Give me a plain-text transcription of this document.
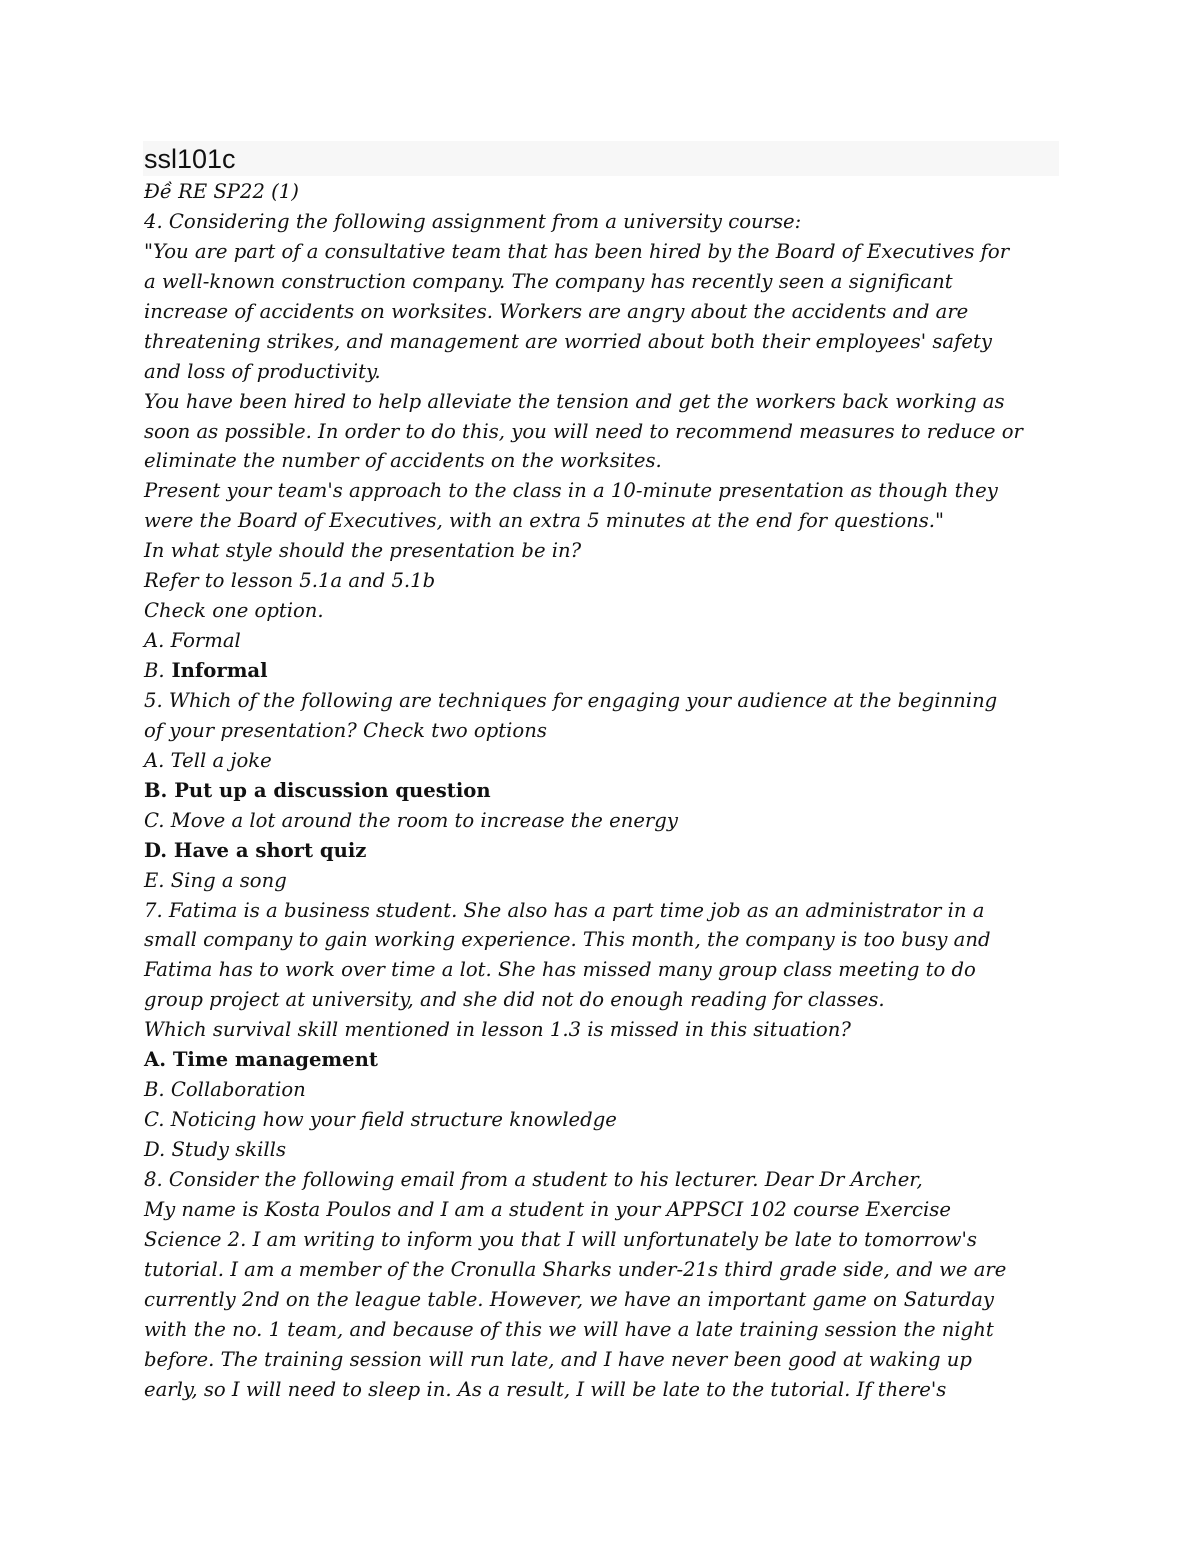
ssl101c
Đề RE SP22 (1)
4. Considering the following assignment from a university course:
"You are part of a consultative team that has been hired by the Board of Executives for
a well-known construction company. The company has recently seen a significant
increase of accidents on worksites. Workers are angry about the accidents and are
threatening strikes, and management are worried about both their employees' safety
and loss of productivity.
You have been hired to help alleviate the tension and get the workers back working as
soon as possible. In order to do this, you will need to recommend measures to reduce or
eliminate the number of accidents on the worksites.
Present your team's approach to the class in a 10-minute presentation as though they
were the Board of Executives, with an extra 5 minutes at the end for questions."
In what style should the presentation be in?
Refer to lesson 5.1a and 5.1b
Check one option.
A. Formal
B. Informal
5. Which of the following are techniques for engaging your audience at the beginning
of your presentation? Check two options
A. Tell a joke
B. Put up a discussion question
C. Move a lot around the room to increase the energy
D. Have a short quiz
E. Sing a song
7. Fatima is a business student. She also has a part time job as an administrator in a
small company to gain working experience. This month, the company is too busy and
Fatima has to work over time a lot. She has missed many group class meeting to do
group project at university, and she did not do enough reading for classes.
Which survival skill mentioned in lesson 1.3 is missed in this situation?
A. Time management
B. Collaboration
C. Noticing how your field structure knowledge
D. Study skills
8. Consider the following email from a student to his lecturer. Dear Dr Archer,
My name is Kosta Poulos and I am a student in your APPSCI 102 course Exercise
Science 2. I am writing to inform you that I will unfortunately be late to tomorrow's
tutorial. I am a member of the Cronulla Sharks under-21s third grade side, and we are
currently 2nd on the league table. However, we have an important game on Saturday
with the no. 1 team, and because of this we will have a late training session the night
before. The training session will run late, and I have never been good at waking up
early, so I will need to sleep in. As a result, I will be late to the tutorial. If there's
